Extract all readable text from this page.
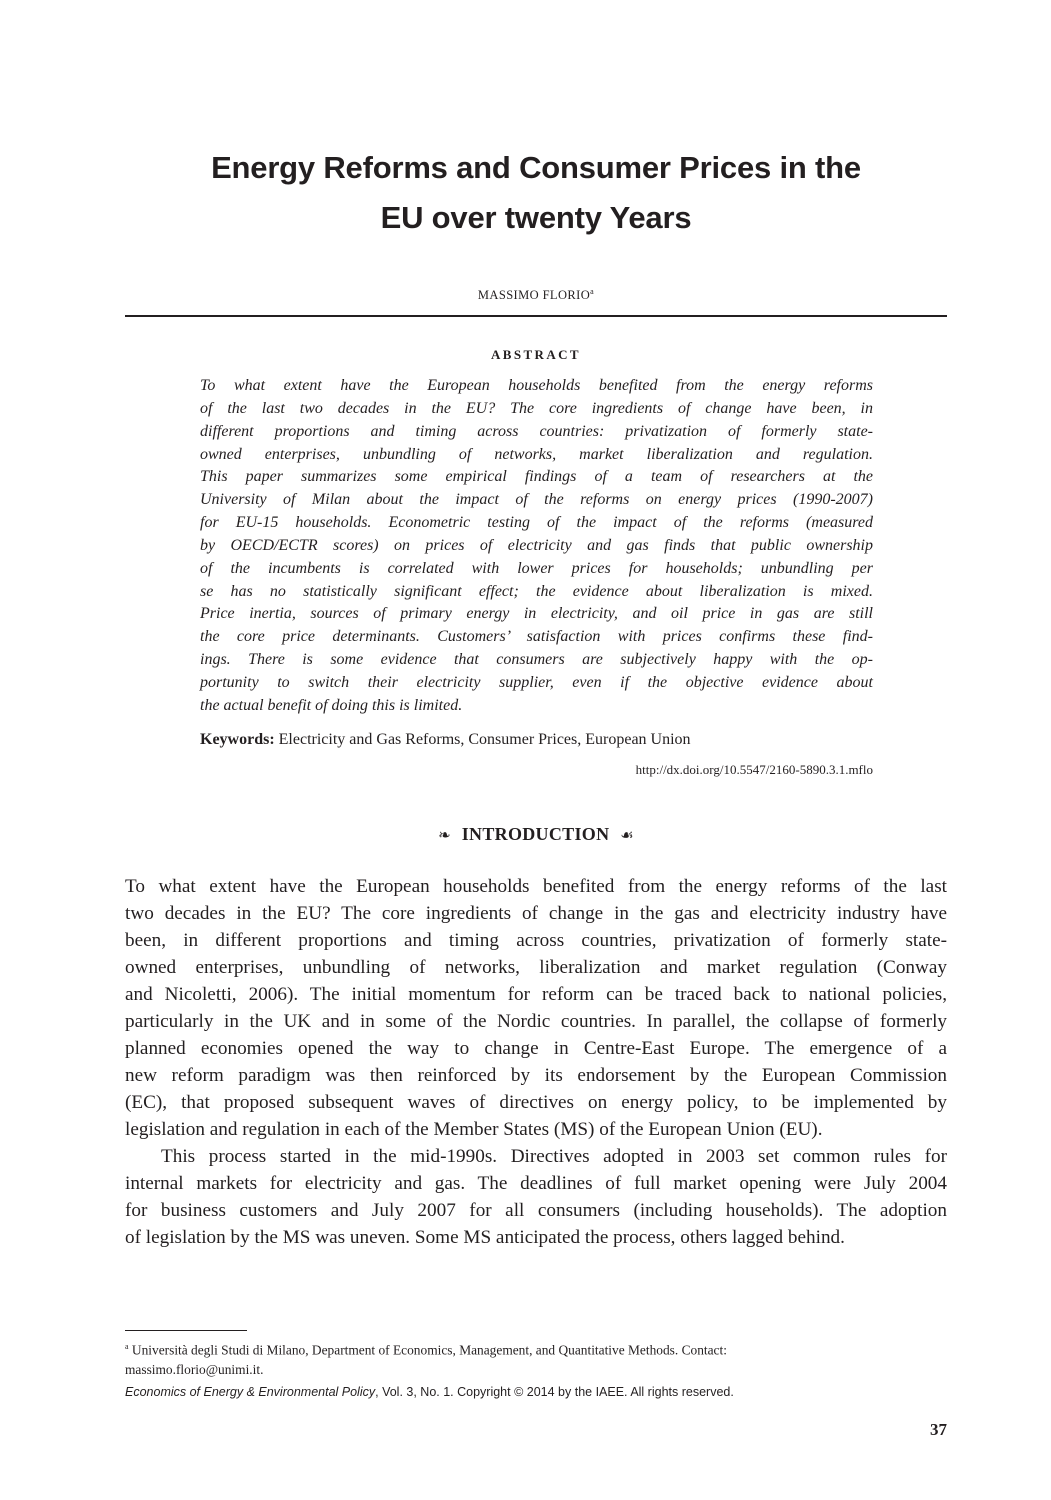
Energy Reforms and Consumer Prices in the
EU over twenty Years
MASSIMO FLORIO$^a$
ABSTRACT
To what extent have the European households benefited from the energy reforms
of the last two decades in the EU? The core ingredients of change have been, in
different proportions and timing across countries: privatization of formerly state-
owned enterprises, unbundling of networks, market liberalization and regulation.
This paper summarizes some empirical findings of a team of researchers at the
University of Milan about the impact of the reforms on energy prices (1990-2007)
for EU-15 households. Econometric testing of the impact of the reforms (measured
by OECD/ECTR scores) on prices of electricity and gas finds that public ownership
of the incumbents is correlated with lower prices for households; unbundling per
se has no statistically significant effect; the evidence about liberalization is mixed.
Price inertia, sources of primary energy in electricity, and oil price in gas are still
the core price determinants. Customers’ satisfaction with prices confirms these find-
ings. There is some evidence that consumers are subjectively happy with the op-
portunity to switch their electricity supplier, even if the objective evidence about
the actual benefit of doing this is limited.
Keywords: Electricity and Gas Reforms, Consumer Prices, European Union
http://dx.doi.org/10.5547/2160-5890.3.1.mflo
❧ INTRODUCTION ☙
To what extent have the European households benefited from the energy reforms of the last
two decades in the EU? The core ingredients of change in the gas and electricity industry have
been, in different proportions and timing across countries, privatization of formerly state-
owned enterprises, unbundling of networks, liberalization and market regulation (Conway
and Nicoletti, 2006). The initial momentum for reform can be traced back to national policies,
particularly in the UK and in some of the Nordic countries. In parallel, the collapse of formerly
planned economies opened the way to change in Centre-East Europe. The emergence of a
new reform paradigm was then reinforced by its endorsement by the European Commission
(EC), that proposed subsequent waves of directives on energy policy, to be implemented by
legislation and regulation in each of the Member States (MS) of the European Union (EU).
This process started in the mid-1990s. Directives adopted in 2003 set common rules for
internal markets for electricity and gas. The deadlines of full market opening were July 2004
for business customers and July 2007 for all consumers (including households). The adoption
of legislation by the MS was uneven. Some MS anticipated the process, others lagged behind.
$^a$ Università degli Studi di Milano, Department of Economics, Management, and Quantitative Methods. Contact:
massimo.florio@unimi.it.
Economics of Energy & Environmental Policy, Vol. 3, No. 1. Copyright © 2014 by the IAEE. All rights reserved.
37
